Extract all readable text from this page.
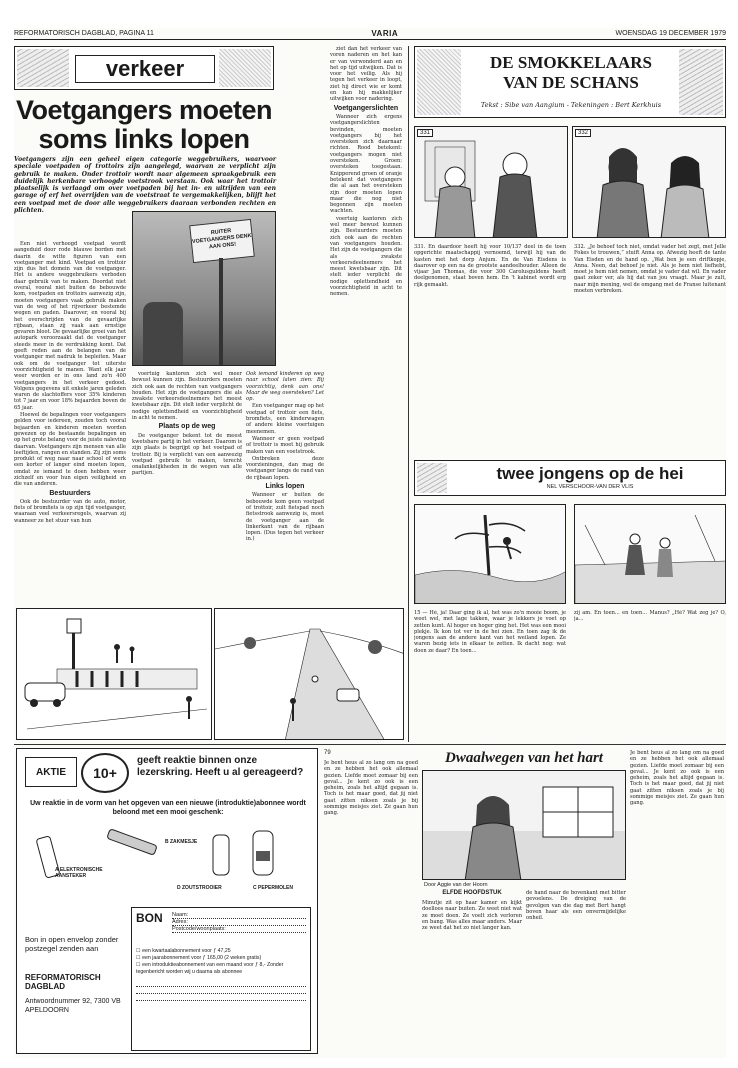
REFORMATORISCH DAGBLAD, PAGINA 11	VARIA	WOENSDAG 19 DECEMBER 1979
verkeer
Voetgangers moeten
soms links lopen
Voetgangers zijn een geheel eigen categorie weggebruikers, waarvoor speciale voetpaden of trottoirs zijn aangelegd, waarvan ze verplicht zijn gebruik te maken. Onder trottoir wordt naar algemeen spraakgebruik een duidelijk herkenbare verhoogde voetstrook verstaan. Ook waar het trottoir plaatselijk is verlaagd om over voetpaden bij het in- en uitrijden van een garage of erf het overrijden van de voetstraat te vergemakkelijken, blijft het een voetpad met de door alle weggebruikers daaraan verbonden rechten en plichten.

Een niet verhoogd voetpad wordt aangeduid door rode blauwe borden met daarin de witte figuren van een voetganger met kind. Voetpad en trottoir zijn dus het domein van de voetganger. Het is andere weggebruikers verboden daar gebruik van te maken. Doordat niet overal, vooral niet buiten de bebouwde kom, voetpaden en trottoirs aanwezig zijn, moeten voetgangers vaak gebruik maken van de weg of het rijverkeer bestemde wegen en paden. Daarover, en vooral bij het overschrijden van de gevaarlijke rijbaan, staan zij vaak aan ernstige gevaren bloot. De gevaarlijke groei van het autopark veroorzaakt dat de voetganger steeds meer in de verdrukking komt. Dat geeft reden aan de belangen van de voetganger met nadruk te bepleiten. Maar ook om de voetganger tot uiterste voorzichtigheid te manen. Want elk jaar weer worden er in ons land zo'n 400 voetgangers in het verkeer gedood. Volgens gegevens uit enkele jaren geleden waren de slachtoffers voor 35% kinderen tot 7 jaar en voor 18% bejaarden boven de 65 jaar.

Hoewel de bepalingen voor voetgangers gelden voor iedereen, zouden toch vooral bejaarden en kinderen moeten worden gewezen op de bestaande bepalingen en op het grote belang voor de juiste naleving daarvan. Voetgangers zijn mensen van alle leeftijden, rangen en standen. Zij zijn soms produkt of weg naar naar school of werk een korter of langer eind moeten lopen, omdat ze iemand te doen hebben weer zichzelf en voor hun eigen veiligheid en die van anderen.

Bestuurders

Ook de bestuurder van de auto, motor, fiets of bromfiets is op zijn tijd voetganger, waaraan veel verkeersregels, waarvan zij wanneer ze het stuur van hun

RUITER VOETGANGERS DENK AAN ONS!

voertuig kantoren zich wel meer bewust kunnen zijn. Bestuurders moeten zich ook aan de rechten van voetgangers houden. Het zijn de voetgangers die als zwakste verkeersdeelnemers het meest kwetsbaar zijn. Dit stelt ieder verplicht de nodige oplettendheid en voorzichtigheid in acht te nemen.

Plaats op de weg

De voetganger bekent tot de meest kwetsbare partij in het verkeer. Daarom is zijn plaats is begrijpt op het voetpad of trottoir. Bij is verplicht van een aanwezig voetpad gebruik te maken, terecht onafankelijkheden in de wegen van alle partijen.

Ook iemand kinderen op weg naar school laten zien: Bij voorzichtig, denk aan ons! Maar de weg oversteken? Let op.

Een voetganger mag op het voetpad of trottoir een fiets, bromfiets, een kinderwagen of andere kleine voertuigen meenemen.

Wanneer er geen voetpad of trottoir is moet hij gebruik maken van een voetstrook.

Ontbreken deze voorzieningen, dan mag de voetganger langs de rand van de rijbaan lopen.

Links lopen

Wanneer er buiten de bebouwde kom geen voetpad of trottoir, zult fietspad noch fietsstrook aanwezig is, moet de voetganger aan de linkerkant van de rijbaan lopen. (Dus tegen het verkeer in.)

ziet dan het verkeer van voren naderen en het kan er van verwonderd aan en het op tijd uitwijken. Dat is voor het veilig. Als hij tegen het verkeer in loopt, ziet hij direct wie er komt en kan hij makkelijker uitwijken voor nadering.

Voetgangerslichten

Wanneer zich ergens voetgangerslichten bevinden, moeten voetgangers bij het oversteken zich daarnaar richten. Rood betekent: voetgangers mogen niet oversteken. Groen: oversteken toegestaan. Knipperend groen of oranje betekent dat voetgangers die al aan het oversteken zijn door moeten lopen maar die nog niet begonnen zijn moeten wachten.

voertuig kantoren zich wel meer bewust kunnen zijn. Bestuurders moeten zich ook aan de rechten van voetgangers houden. Het zijn de voetgangers die als zwakste verkeersdeelnemers het meest kwetsbaar zijn. Dit stelt ieder verplicht de nodige oplettendheid en voorzichtigheid in acht te nemen.

DE SMOKKELAARS
VAN DE SCHANS
Tekst : Sibe van Aangium - Tekeningen : Bert Kerkhuis
331	332
331. En daardoor heeft hij voor 10/137 deel in de toen opgerichte maatschappij vernoemd, terwijl hij van de kasten met het dorp Anjum. En de Van Eisdens is daarover op een na de grootste aandeelhouder. Alleen de vijaar Jan Thomas, die voor 300 Carolusguldens heeft deelgenomen, staat boven hem. En 't kabinet wordt erg rijk gemaakt.
332. „Je behoef toch niet, omdat vader het zegt, met Jelle Fokes te trouwen,” stuift Anna op. Afwezig heeft de tante Van Eisden en de hand op. „Wat ben je een driftkopje, Anna. Neen, dat behoef je niet. Als je hem niet liefhebt, moet je hem niet nemen, omdat je vader dat wil. En vader gaat zeker ver, als hij dat van jou vraagt. Maar je zult, naar mijn mening, wel de omgang met de Franse luitenant moeten verbreken.
twee jongens op de hei
NEL VERSCHOOR-VAN DER VLIS
15 — Hè, ja! Daar ging ik al, het was zo'n mooie boom, je weet wel, met lage takken, waar je lekkers je voet op zetten kunt. Al hoger en hoger ging het. Het was een mooi plekje. Ik kon tot ver in de hei zien. En toen zag ik de jongens aan de andere kant van het weiland lopen. Ze waren bezig iets in elkaar te zetten. Ik dacht nog: wat doen ze daar? En toen...
zij am. En toen... en toen... Manus? „Hè? Wat zeg je? O, ja...
AKTIE 10+
geeft reaktie binnen onze lezerskring. Heeft u al gereageerd?
Uw reaktie in de vorm van het opgeven van een nieuwe (introduktie)abonnee wordt beloond met een mooi geschenk:
A ELEKTRONISCHE AANSTEKER
B ZAKMESJE
D ZOUTSTROOIER	C PEPERMOLEN
Bon in open envelop zonder postzegel zenden aan
REFORMATORISCH DAGBLAD
Antwoordnummer 92, 7300 VB APELDOORN
BON	Naam:
Adres:
Postcode/woonplaats:
☐ een kwartaalabonnement voor ƒ 47,25
☐ een jaarabonnement voor ƒ 165,00 (2 weken gratis)
☐ een introduktieabonnement van een maand voor ƒ 8,- Zonder tegenbericht worden wij u daarna als abonnee
79
Je bent heus al zo lang om na goed en ze hebben het ook allemaal gezien. Liefde moet zomaar bij een geval... Je kent zo ook is een geheim, zoals het altijd gegaan is. Toch is het maar goed, dat jij niet gaat zitten niksen zoals je bij sommige meisjes ziet. Ze gaan hun gang.
Dwaalwegen van het hart
Door Aggie van der Hoorn
ELFDE HOOFDSTUK
Minutje zit op haar kamer en kijkt doelloos naar buiten. Ze weet niet wat ze moet doen. Ze voelt zich verloren en bang. Was alles maar anders. Maar ze weet dat het zo niet langer kan.
de hand naar de bovenkant met bitter gevoelens. De dreiging van de gevolgen van die dag met Bert hangt boven haar als een onvermijdelijke onheil.
Je bent heus al zo lang om na goed en ze hebben het ook allemaal gezien. Liefde moet zomaar bij een geval... Je kent zo ook is een geheim, zoals het altijd gegaan is. Toch is het maar goed, dat jij niet gaat zitten niksen zoals je bij sommige meisjes ziet. Ze gaan hun gang.
